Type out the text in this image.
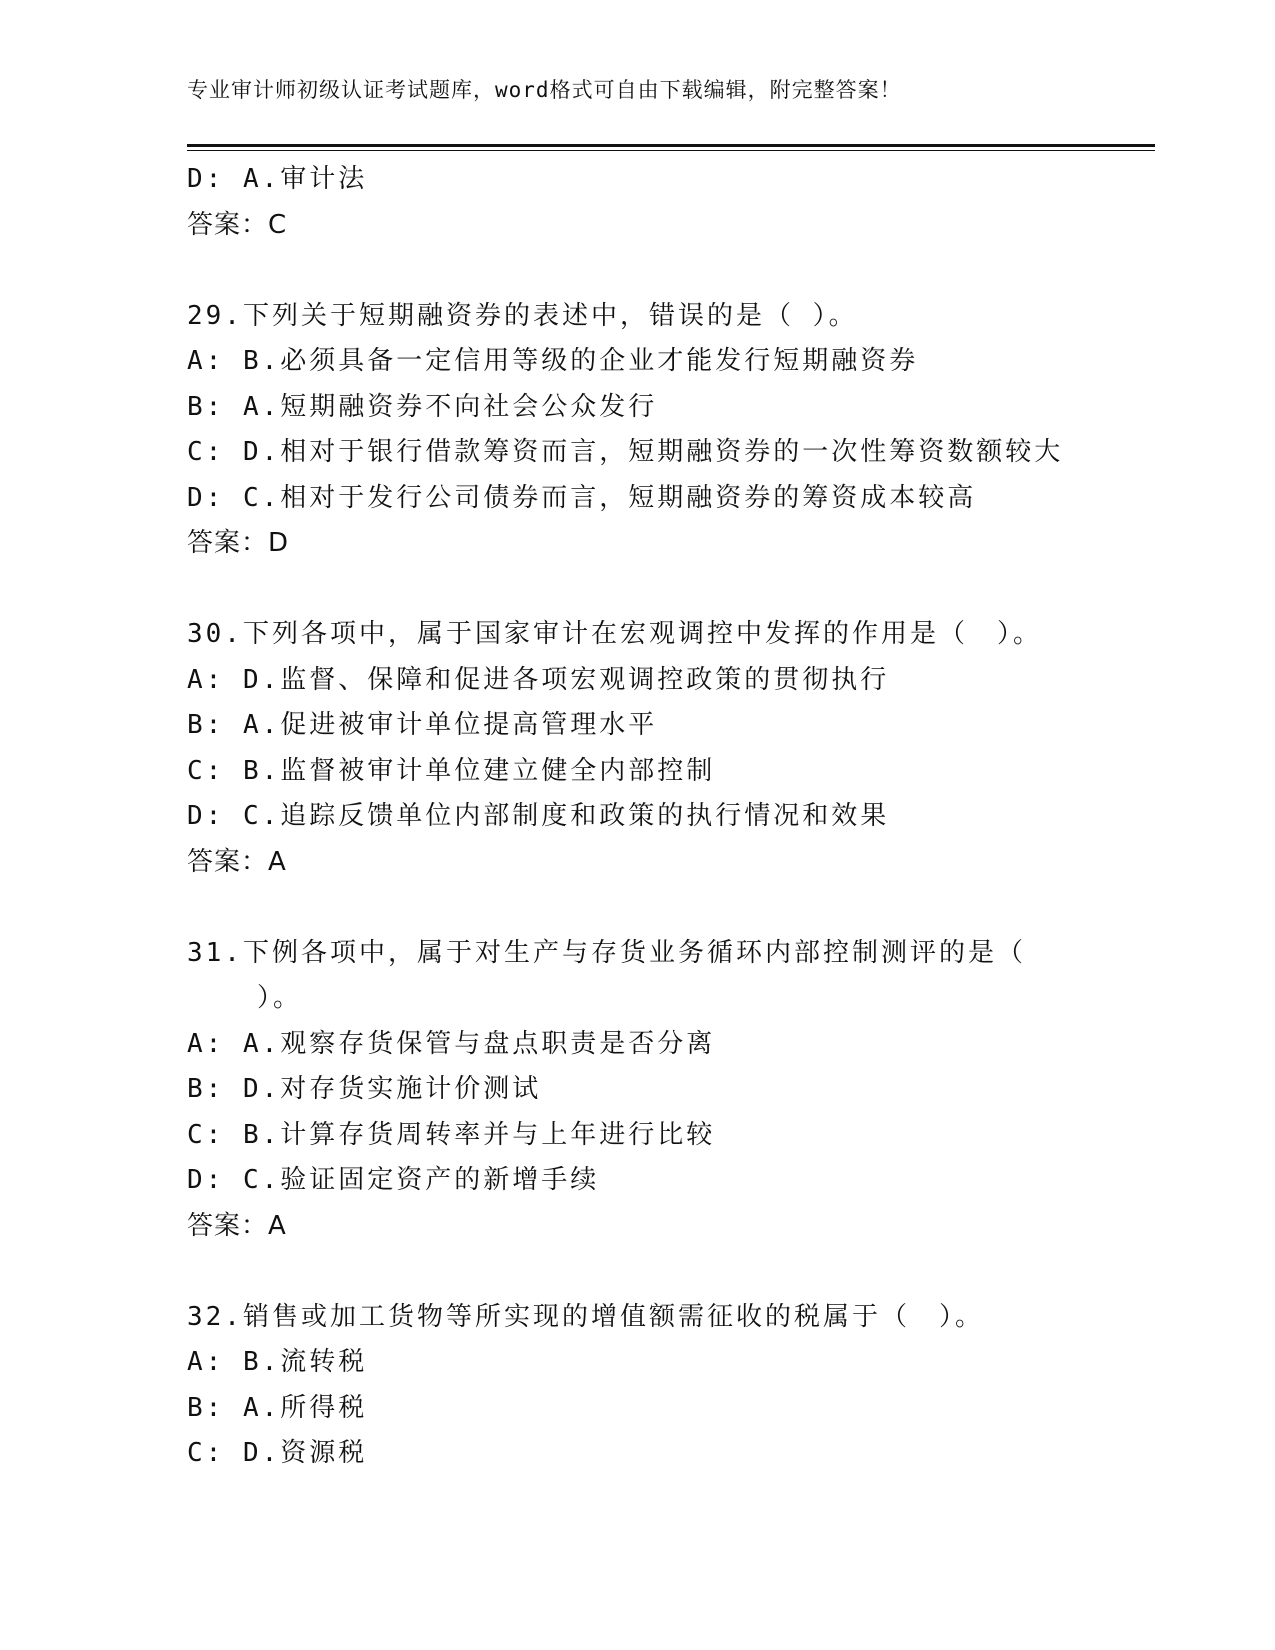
专业审计师初级认证考试题库，word格式可自由下载编辑，附完整答案！
D: A.审计法
答案：C
29.下列关于短期融资券的表述中，错误的是（ ）。
A: B.必须具备一定信用等级的企业才能发行短期融资券
B: A.短期融资券不向社会公众发行
C: D.相对于银行借款筹资而言，短期融资券的一次性筹资数额较大
D: C.相对于发行公司债券而言，短期融资券的筹资成本较高
答案：D
30.下列各项中，属于国家审计在宏观调控中发挥的作用是（　）。
A: D.监督、保障和促进各项宏观调控政策的贯彻执行
B: A.促进被审计单位提高管理水平
C: B.监督被审计单位建立健全内部控制
D: C.追踪反馈单位内部制度和政策的执行情况和效果
答案：A
31.下例各项中，属于对生产与存货业务循环内部控制测评的是（
）。
A: A.观察存货保管与盘点职责是否分离
B: D.对存货实施计价测试
C: B.计算存货周转率并与上年进行比较
D: C.验证固定资产的新增手续
答案：A
32.销售或加工货物等所实现的增值额需征收的税属于（　）。
A: B.流转税
B: A.所得税
C: D.资源税
